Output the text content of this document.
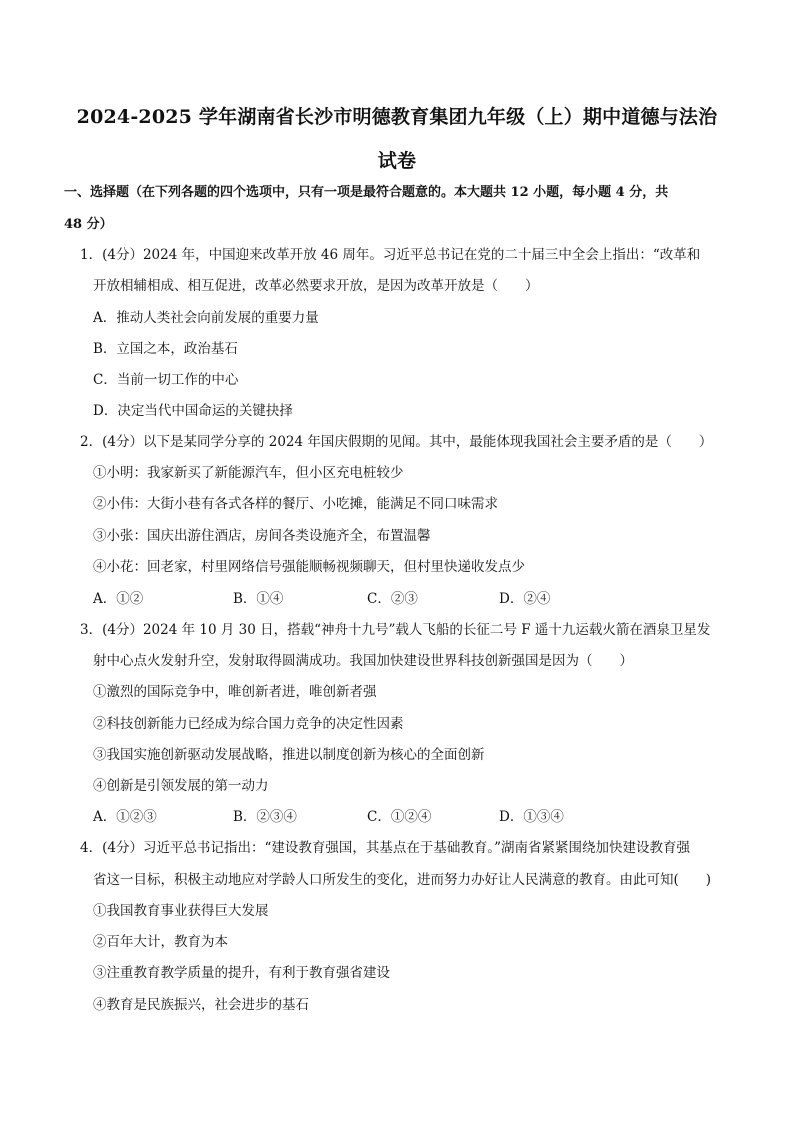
2024-2025 学年湖南省长沙市明德教育集团九年级（上）期中道德与法治
试卷
一、选择题（在下列各题的四个选项中，只有一项是最符合题意的。本大题共 12 小题，每小题 4 分，共
48 分）
1．(4分）2024 年，中国迎来改革开放 46 周年。习近平总书记在党的二十届三中全会上指出：“改革和
开放相辅相成、相互促进，改革必然要求开放，是因为改革开放是（　　）
A．推动人类社会向前发展的重要力量
B．立国之本，政治基石
C．当前一切工作的中心
D．决定当代中国命运的关键抉择
2．(4分）以下是某同学分享的 2024 年国庆假期的见闻。其中，最能体现我国社会主要矛盾的是（　　）
①小明：我家新买了新能源汽车，但小区充电桩较少
②小伟：大街小巷有各式各样的餐厅、小吃摊，能满足不同口味需求
③小张：国庆出游住酒店，房间各类设施齐全，布置温馨
④小花：回老家，村里网络信号强能顺畅视频聊天，但村里快递收发点少
A．①②	B．①④	C．②③	D．②④
3．(4分）2024 年 10 月 30 日，搭载“神舟十九号”载人飞船的长征二号 F 遥十九运载火箭在酒泉卫星发
射中心点火发射升空，发射取得圆满成功。我国加快建设世界科技创新强国是因为（　　）
①激烈的国际竞争中，唯创新者进，唯创新者强
②科技创新能力已经成为综合国力竞争的决定性因素
③我国实施创新驱动发展战略，推进以制度创新为核心的全面创新
④创新是引领发展的第一动力
A．①②③	B．②③④	C．①②④	D．①③④
4．(4分）习近平总书记指出：“建设教育强国，其基点在于基础教育。”湖南省紧紧围绕加快建设教育强
省这一目标，积极主动地应对学龄人口所发生的变化，进而努力办好让人民满意的教育。由此可知(　　)
①我国教育事业获得巨大发展
②百年大计，教育为本
③注重教育教学质量的提升，有利于教育强省建设
④教育是民族振兴，社会进步的基石
